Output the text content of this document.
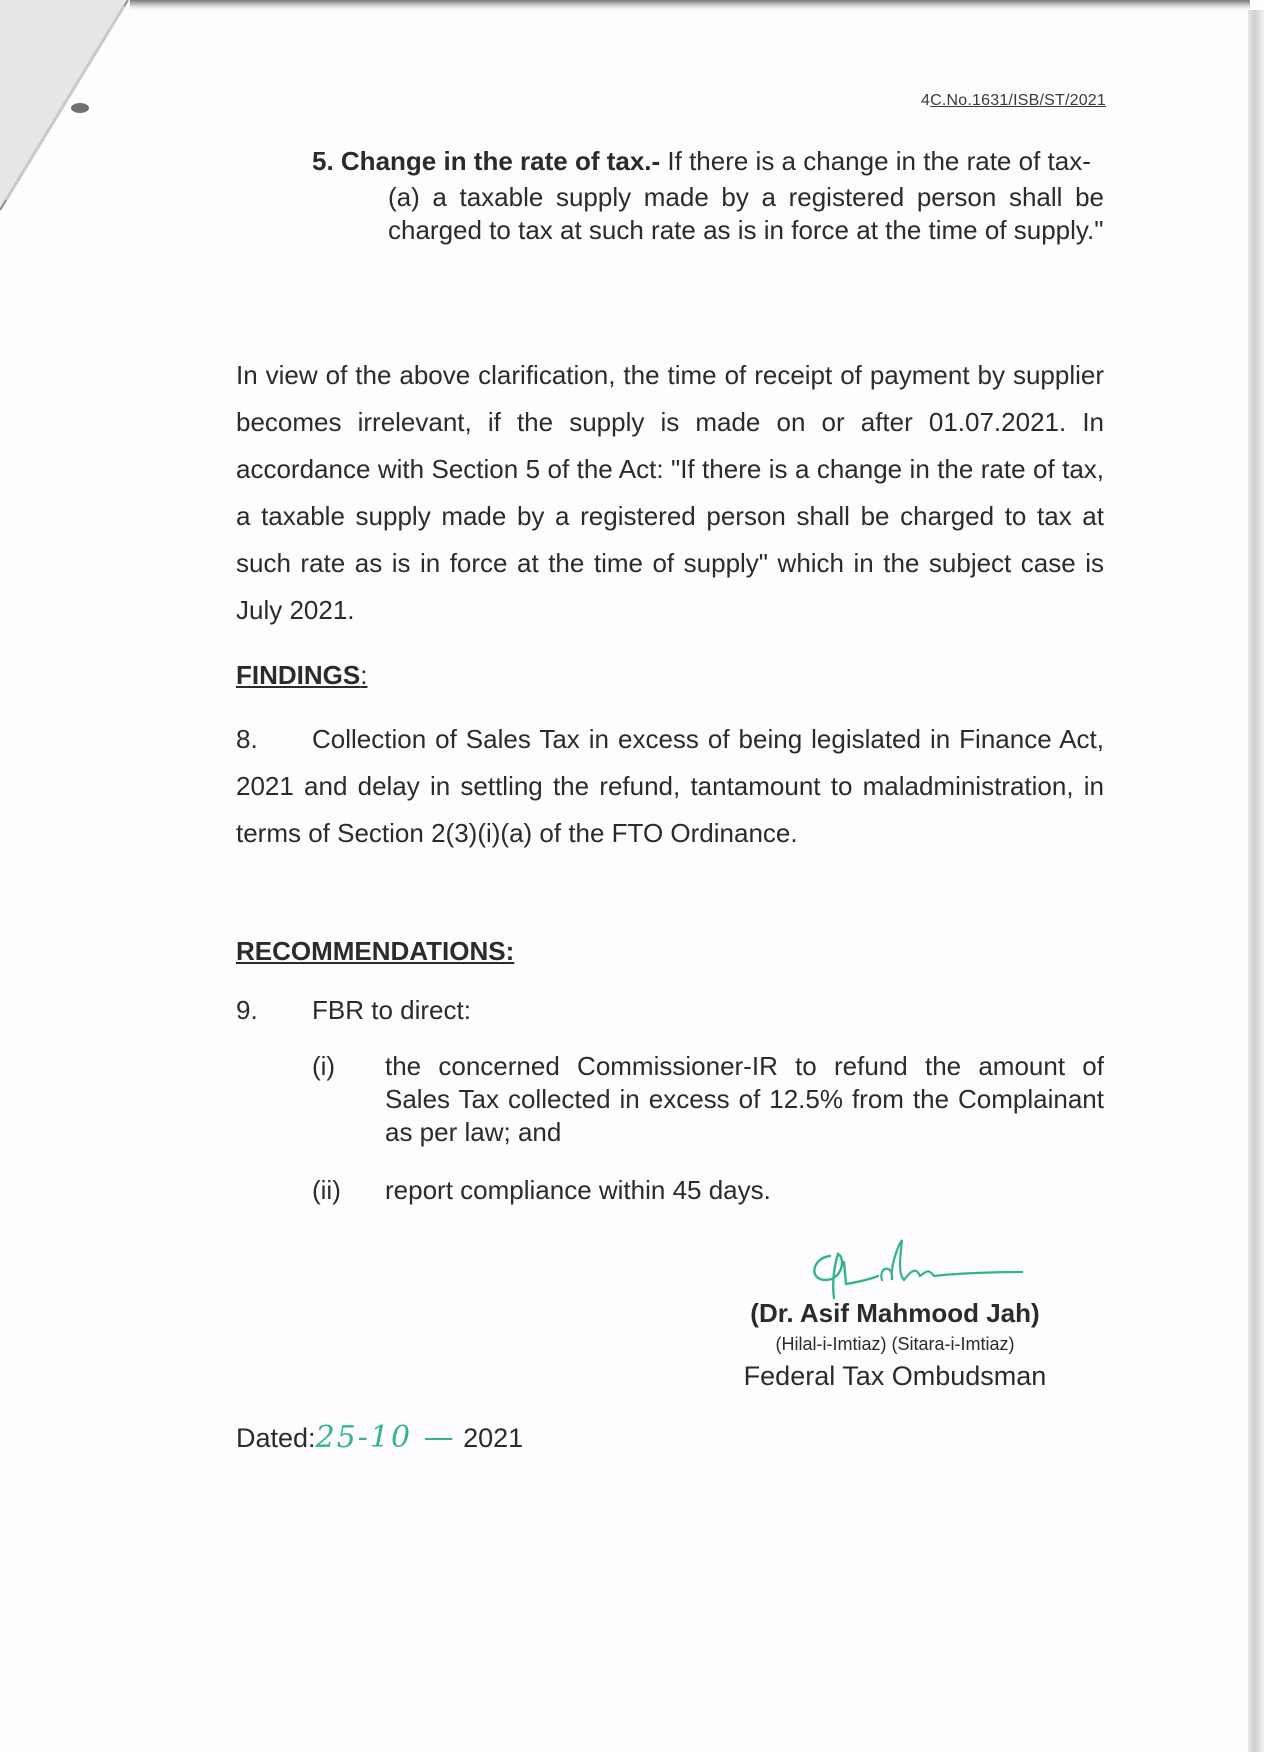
4C.No.1631/ISB/ST/2021
5. Change in the rate of tax.- If there is a change in the rate of tax-
(a) a taxable supply made by a registered person shall be charged to tax at such rate as is in force at the time of supply."
In view of the above clarification, the time of receipt of payment by supplier becomes irrelevant, if the supply is made on or after 01.07.2021. In accordance with Section 5 of the Act: "If there is a change in the rate of tax, a taxable supply made by a registered person shall be charged to tax at such rate as is in force at the time of supply" which in the subject case is July 2021.
FINDINGS:
8. Collection of Sales Tax in excess of being legislated in Finance Act, 2021 and delay in settling the refund, tantamount to maladministration, in terms of Section 2(3)(i)(a) of the FTO Ordinance.
RECOMMENDATIONS:
9. FBR to direct:
(i)	the concerned Commissioner-IR to refund the amount of Sales Tax collected in excess of 12.5% from the Complainant as per law; and
(ii)	report compliance within 45 days.
(Dr. Asif Mahmood Jah)
(Hilal-i-Imtiaz) (Sitara-i-Imtiaz)
Federal Tax Ombudsman
Dated:25-10 — 2021
